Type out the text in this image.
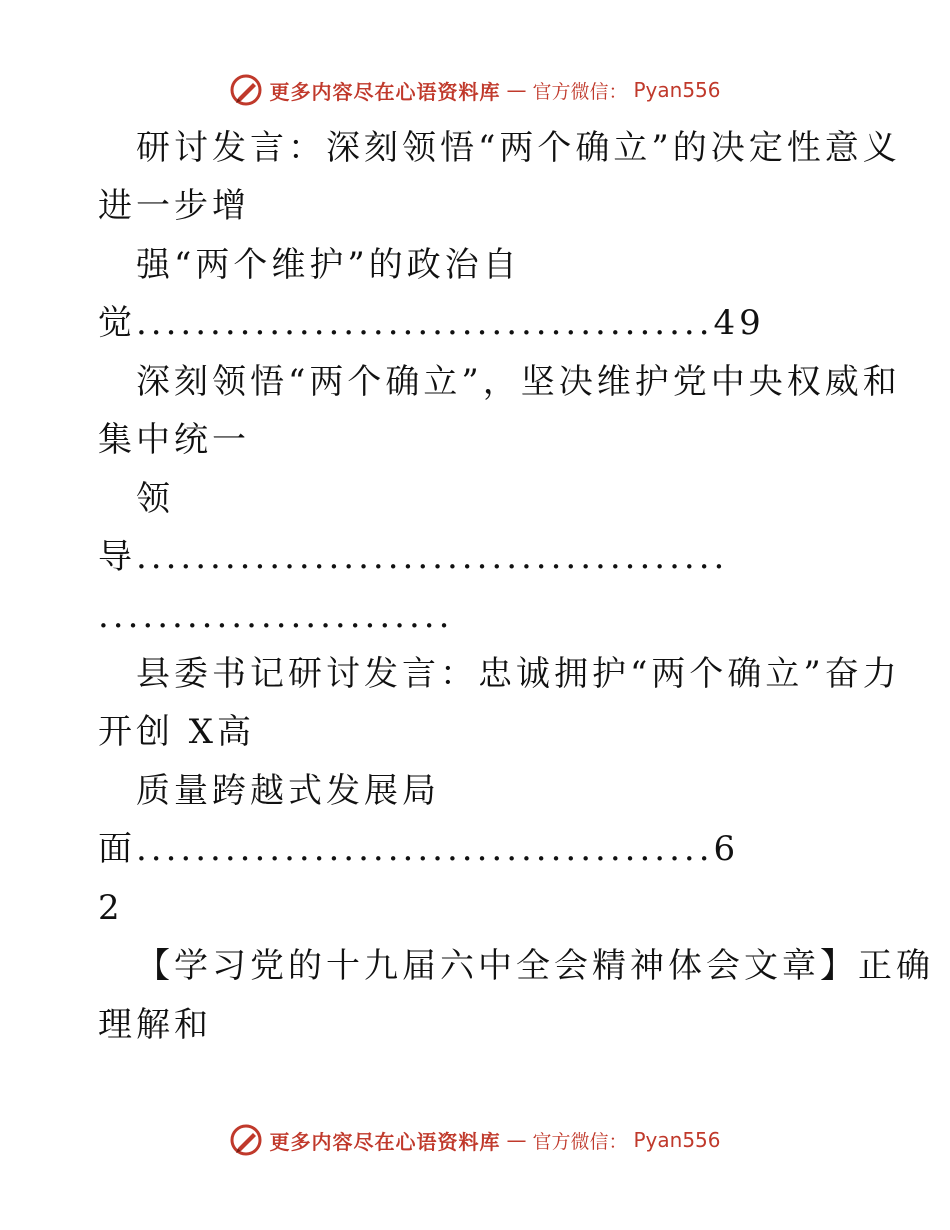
更多内容尽在心语资料库 — 官方微信： Pyan556
研讨发言：深刻领悟“两个确立”的决定性意义
进一步增
强“两个维护”的政治自
觉.......................................49
深刻领悟“两个确立”，坚决维护党中央权威和
集中统一
领
导........................................
........................
县委书记研讨发言：忠诚拥护“两个确立”奋力
开创 X高
质量跨越式发展局
面.......................................6
2
【学习党的十九届六中全会精神体会文章】正确
理解和
更多内容尽在心语资料库 — 官方微信： Pyan556
